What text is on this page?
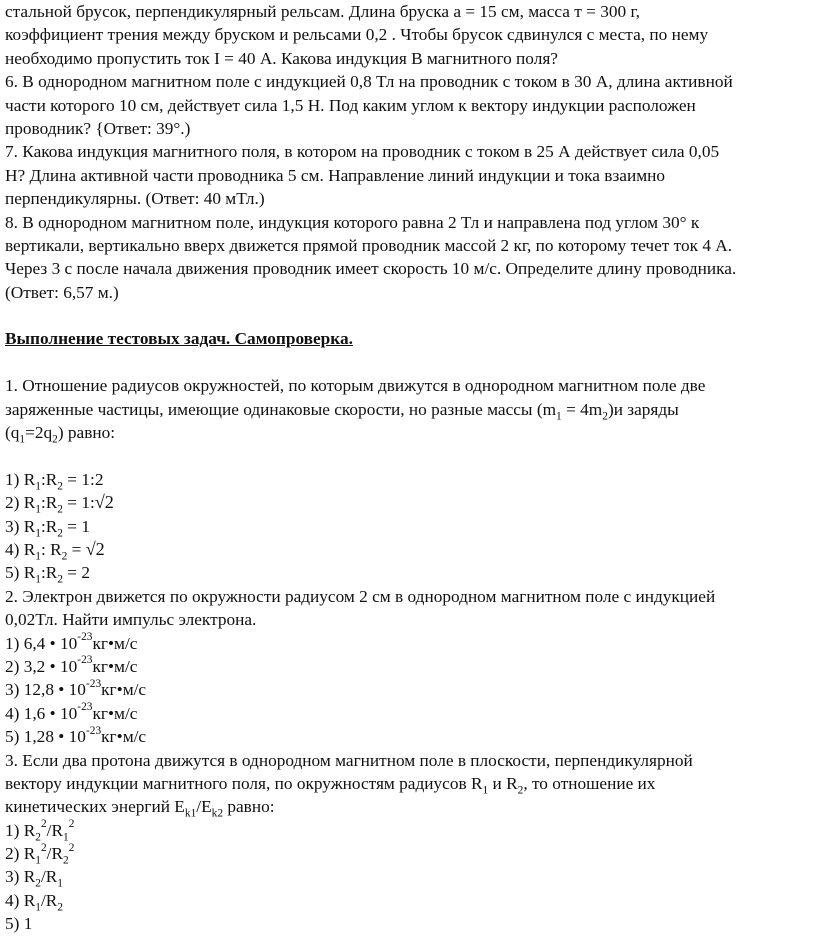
стальной брусок, перпендикулярный рельсам. Длина бруска а = 15 см, масса т = 300 г,

коэффициент трения между бруском и рельсами 0,2 . Чтобы брусок сдвинулся с места, по нему

необходимо пропустить ток I = 40 А. Какова индукция В магнитного поля?

6. В однородном магнитном поле с индукцией 0,8 Тл на проводник с током в 30 А, длина активной

части которого 10 см, действует сила 1,5 Н. Под каким углом к вектору индукции расположен

проводник? {Ответ: 39°.)

7. Какова индукция магнитного поля, в котором на проводник с током в 25 А действует сила 0,05

Н? Длина активной части проводника 5 см. Направление линий индукции и тока взаимно

перпендикулярны. (Ответ: 40 мТл.)

8. В однородном магнитном поле, индукция которого равна 2 Тл и направлена под углом 30° к

вертикали, вертикально вверх движется прямой проводник массой 2 кг, по которому течет ток 4 А.

Через 3 с после начала движения проводник имеет скорость 10 м/с. Определите длину проводника.

(Ответ: 6,57 м.)

Выполнение тестовых задач. Самопроверка.

1. Отношение радиусов окружностей, по которым движутся в однородном магнитном поле две

заряженные частицы, имеющие одинаковые скорости, но разные массы $(m_1 = 4m_2)и$ заряды

$(q_1=2q_2)$ равно:

1) $R_1:R_2$ = 1:2

2) $R_1:R_2$ = 1:√2

3) $R_1:R_2 = 1$

4) $R_1$: $R_2 = √2$

5) $R_1:R_2 = 2$

2. Электрон движется по окружности радиусом 2 см в однородном магнитном поле с индукцией

0,02Тл. Найти импульс электрона.

1) 6,4 • $10^{-23}кг•м/с$

2) 3,2 • $10^{-23}кг•м/с$

3) 12,8 • $10^{-23}кг•м/с$

4) 1,6 • $10^{-23}кг•м/с$

5) 1,28 • $10^{-23}кг•м/с$

3. Если два протона движутся в однородном магнитном поле в плоскости, перпендикулярной

вектору индукции магнитного поля, по окружностям радиусов $R_1$ и $R_2$, то отношение их

кинетических энергий $E_{k1}/E_{k2}$ равно:

1) $R_2^2/R_1^2$

2) $R_1^2/R_2^2$

3) $R_2/R_1$

4) $R_1/R_2$

5) 1
